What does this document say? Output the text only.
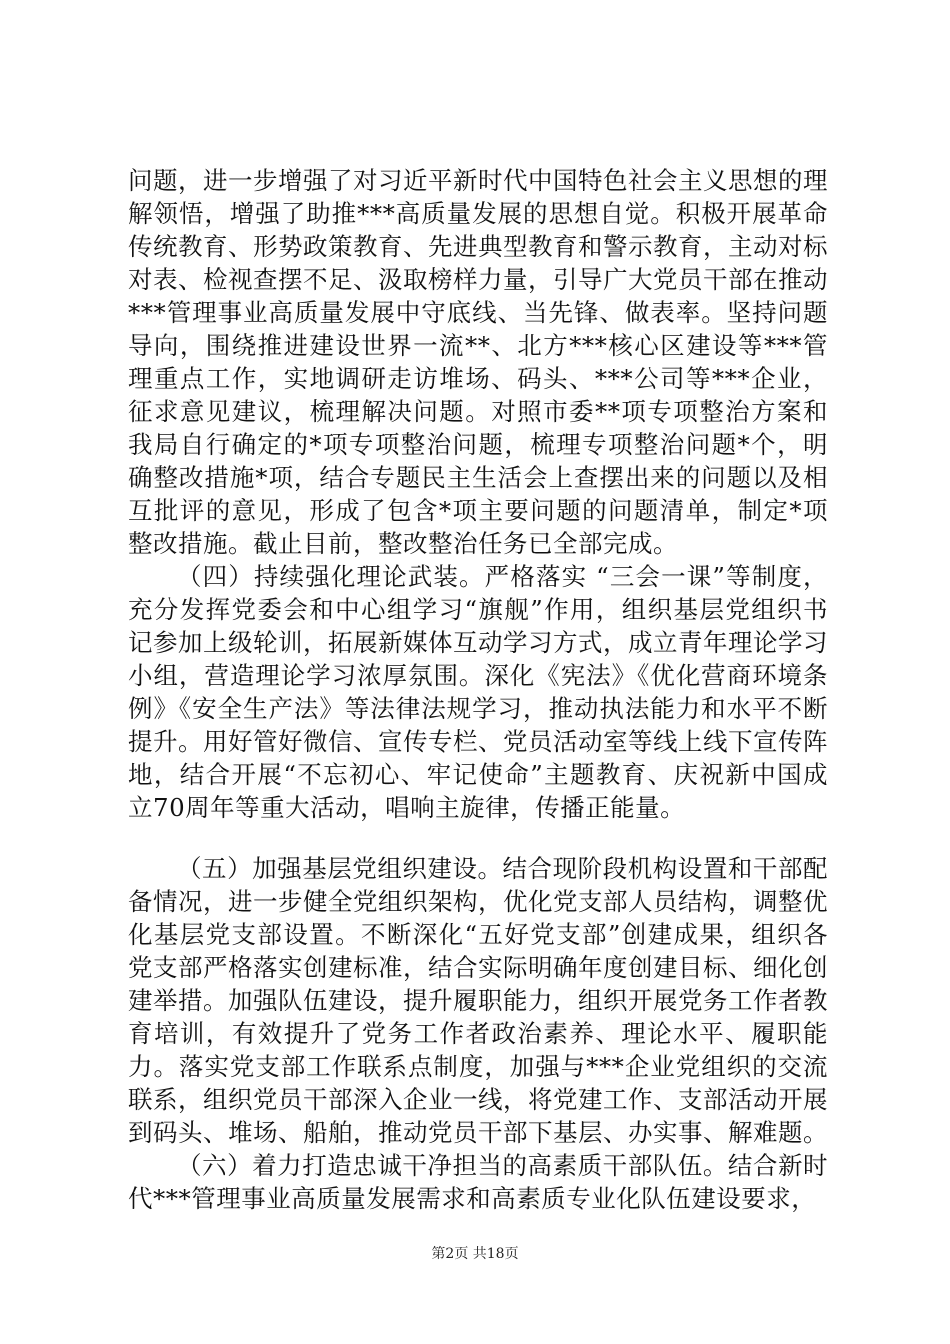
问题，进一步增强了对习近平新时代中国特色社会主义思想的理解领悟，增强了助推***高质量发展的思想自觉。积极开展革命传统教育、形势政策教育、先进典型教育和警示教育，主动对标对表、检视查摆不足、汲取榜样力量，引导广大党员干部在推动***管理事业高质量发展中守底线、当先锋、做表率。坚持问题导向，围绕推进建设世界一流**、北方***核心区建设等***管理重点工作，实地调研走访堆场、码头、***公司等***企业，征求意见建议，梳理解决问题。对照市委**项专项整治方案和我局自行确定的*项专项整治问题，梳理专项整治问题*个，明确整改措施*项，结合专题民主生活会上查摆出来的问题以及相互批评的意见，形成了包含*项主要问题的问题清单，制定*项整改措施。截止目前，整改整治任务已全部完成。

（四）持续强化理论武装。严格落实 “三会一课”等制度，充分发挥党委会和中心组学习“旗舰”作用，组织基层党组织书记参加上级轮训，拓展新媒体互动学习方式，成立青年理论学习小组，营造理论学习浓厚氛围。深化《宪法》《优化营商环境条例》《安全生产法》等法律法规学习，推动执法能力和水平不断提升。用好管好微信、宣传专栏、党员活动室等线上线下宣传阵地，结合开展“不忘初心、牢记使命”主题教育、庆祝新中国成立70周年等重大活动，唱响主旋律，传播正能量。

（五）加强基层党组织建设。结合现阶段机构设置和干部配备情况，进一步健全党组织架构，优化党支部人员结构，调整优化基层党支部设置。不断深化“五好党支部”创建成果，组织各党支部严格落实创建标准，结合实际明确年度创建目标、细化创建举措。加强队伍建设，提升履职能力，组织开展党务工作者教育培训，有效提升了党务工作者政治素养、理论水平、履职能力。落实党支部工作联系点制度，加强与***企业党组织的交流联系，组织党员干部深入企业一线，将党建工作、支部活动开展到码头、堆场、船舶，推动党员干部下基层、办实事、解难题。

（六）着力打造忠诚干净担当的高素质干部队伍。结合新时代***管理事业高质量发展需求和高素质专业化队伍建设要求，

第2页 共18页
